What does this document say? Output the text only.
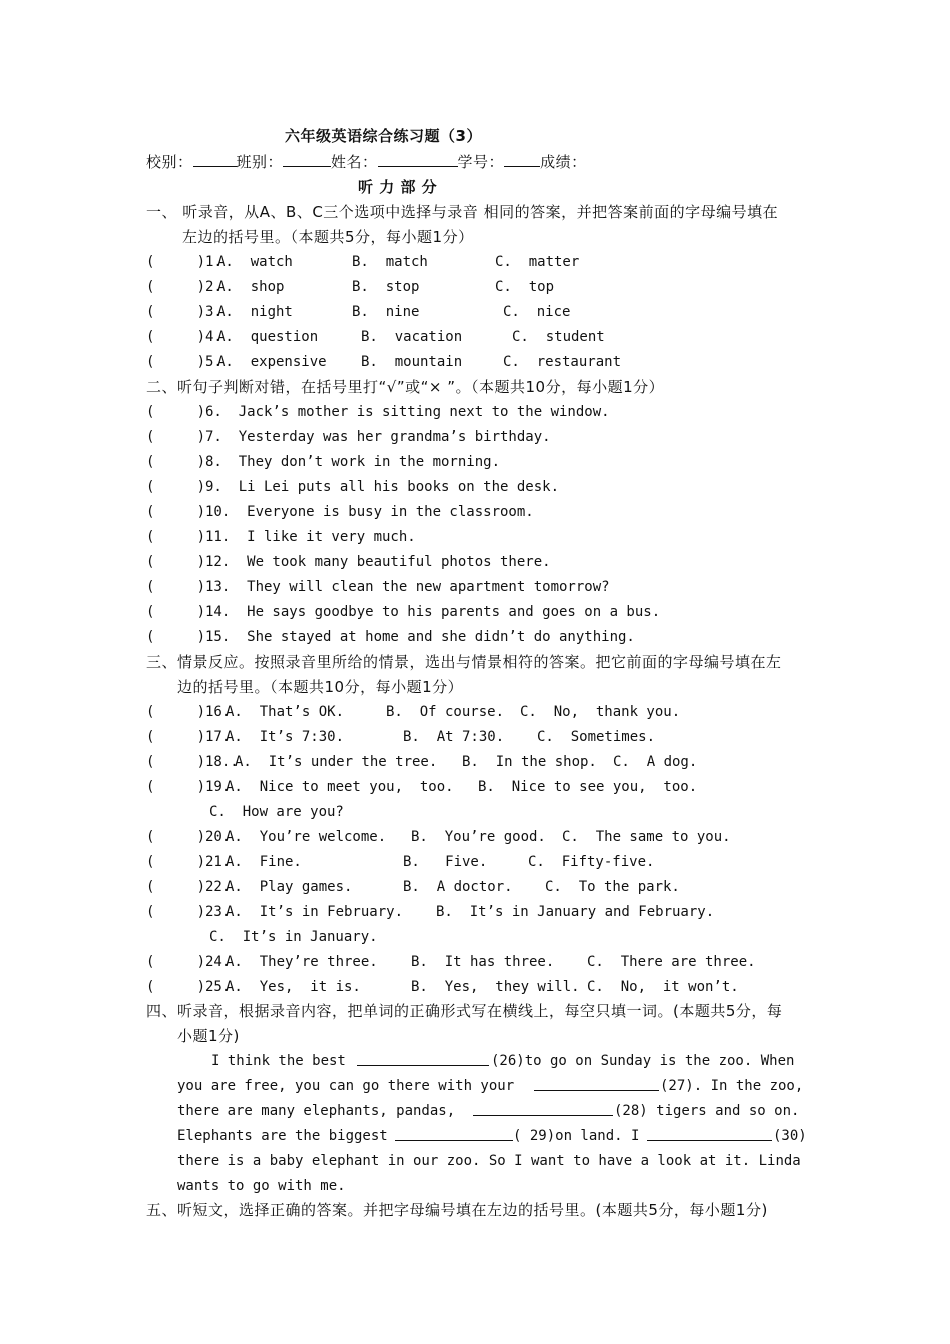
六年级英语综合练习题（3）
校别：	班别：	姓名：	学号： 成绩：
听 力 部 分
一、 听录音，从A、B、C三个选项中选择与录音 相同的答案，并把答案前面的字母编号填在
左边的括号里。（本题共5分，每小题1分）
(     )1.
A.  watch	B.  match	C.  matter
(     )2.
A.  shop	B.  stop	C.  top
(     )3.
A.  night	B.  nine	C.  nice
(     )4.
A.  question	B.  vacation	C.  student
(     )5.
A.  expensive B.  mountain	C.  restaurant
二、听句子判断对错，在括号里打“√”或“× ”。（本题共10分，每小题1分）
(     )6.  Jack’s mother is sitting next to the window.
(     )7.  Yesterday was her grandma’s birthday.
(     )8.  They don’t work in the morning.
(     )9.  Li Lei puts all his books on the desk.
(     )10.  Everyone is busy in the classroom.
(     )11.  I like it very much.
(     )12.  We took many beautiful photos there.
(     )13.  They will clean the new apartment tomorrow?
(     )14.  He says goodbye to his parents and goes on a bus.
(     )15.  She stayed at home and she didn’t do anything.
三、情景反应。按照录音里所给的情景，选出与情景相符的答案。把它前面的字母编号填在左
边的括号里。（本题共10分，每小题1分）
(     )16.
A.  That’s OK.	B.  Of course. C.  No,  thank you.
(     )17.
A.  It’s 7:30.	B.  At 7:30. C.  Sometimes.
(     )18..
A.  It’s under the tree. B.  In the shop. C.  A dog.
(     )19.
A.  Nice to meet you,  too. B.  Nice to see you,  too.
C.  How are you?
(     )20.
A.  You’re welcome. B.  You’re good. C.  The same to you.
(     )21.
A.  Fine.	B.   Five.	C.  Fifty-five.
(     )22.
A.  Play games.	B.  A doctor. C.  To the park.
(     )23.
A.  It’s in February. B.  It’s in January and February.
C.  It’s in January.
(     )24.
A.  They’re three. B.  It has three. C.  There are three.
(     )25.
A.  Yes,  it is.	B.  Yes,  they will. C.  No,  it won’t.
四、听录音，根据录音内容，把单词的正确形式写在横线上，每空只填一词。(本题共5分，每
小题1分)

I think the best

	(26)to go on Sunday is the zoo. When

you are free, you can go there with your

	(27). In the zoo,

there are many elephants, pandas,

	(28) tigers and so on.

Elephants are the biggest

	( 29)on land. I

	(30)

there is a baby elephant in our zoo. So I want to have a look at it. Linda

wants to go with me.

五、听短文，选择正确的答案。并把字母编号填在左边的括号里。(本题共5分，每小题1分)
